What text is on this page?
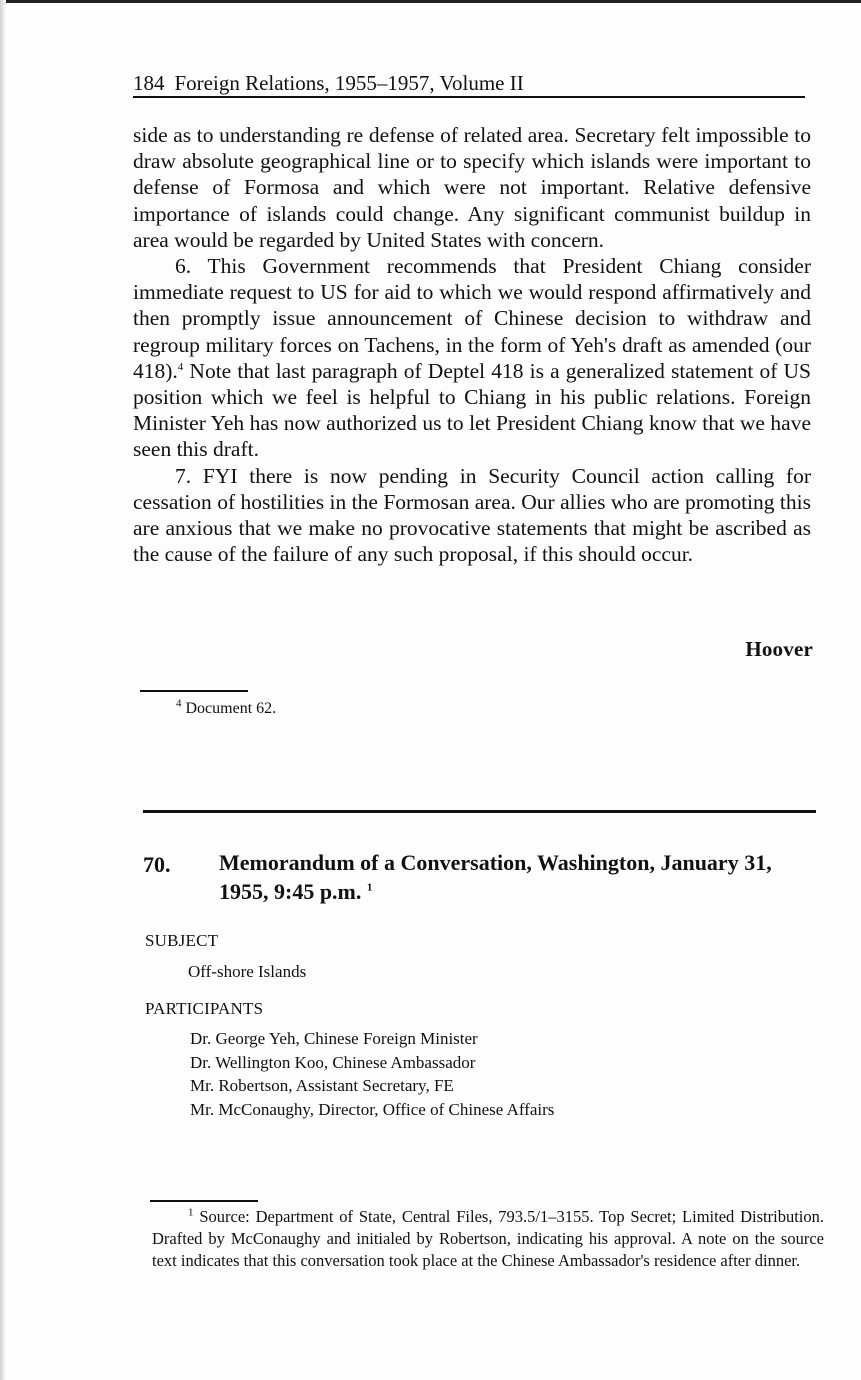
184 Foreign Relations, 1955–1957, Volume II

side as to understanding re defense of related area. Secretary felt impossible to draw absolute geographical line or to specify which islands were important to defense of Formosa and which were not important. Relative defensive importance of islands could change. Any significant communist buildup in area would be regarded by United States with concern.

6. This Government recommends that President Chiang consider immediate request to US for aid to which we would respond affirmatively and then promptly issue announcement of Chinese decision to withdraw and regroup military forces on Tachens, in the form of Yeh's draft as amended (our 418).$^4$ Note that last paragraph of Deptel 418 is a generalized statement of US position which we feel is helpful to Chiang in his public relations. Foreign Minister Yeh has now authorized us to let President Chiang know that we have seen this draft.

7. FYI there is now pending in Security Council action calling for cessation of hostilities in the Formosan area. Our allies who are promoting this are anxious that we make no provocative statements that might be ascribed as the cause of the failure of any such proposal, if this should occur.

Hoover
$^4$ Document 62.
70. Memorandum of a Conversation, Washington, January 31, 1955, 9:45 p.m. $^1$
SUBJECT
Off-shore Islands
PARTICIPANTS
Dr. George Yeh, Chinese Foreign Minister
Dr. Wellington Koo, Chinese Ambassador
Mr. Robertson, Assistant Secretary, FE
Mr. McConaughy, Director, Office of Chinese Affairs
$^1$ Source: Department of State, Central Files, 793.5/1–3155. Top Secret; Limited Distribution. Drafted by McConaughy and initialed by Robertson, indicating his approval. A note on the source text indicates that this conversation took place at the Chinese Ambassador's residence after dinner.
